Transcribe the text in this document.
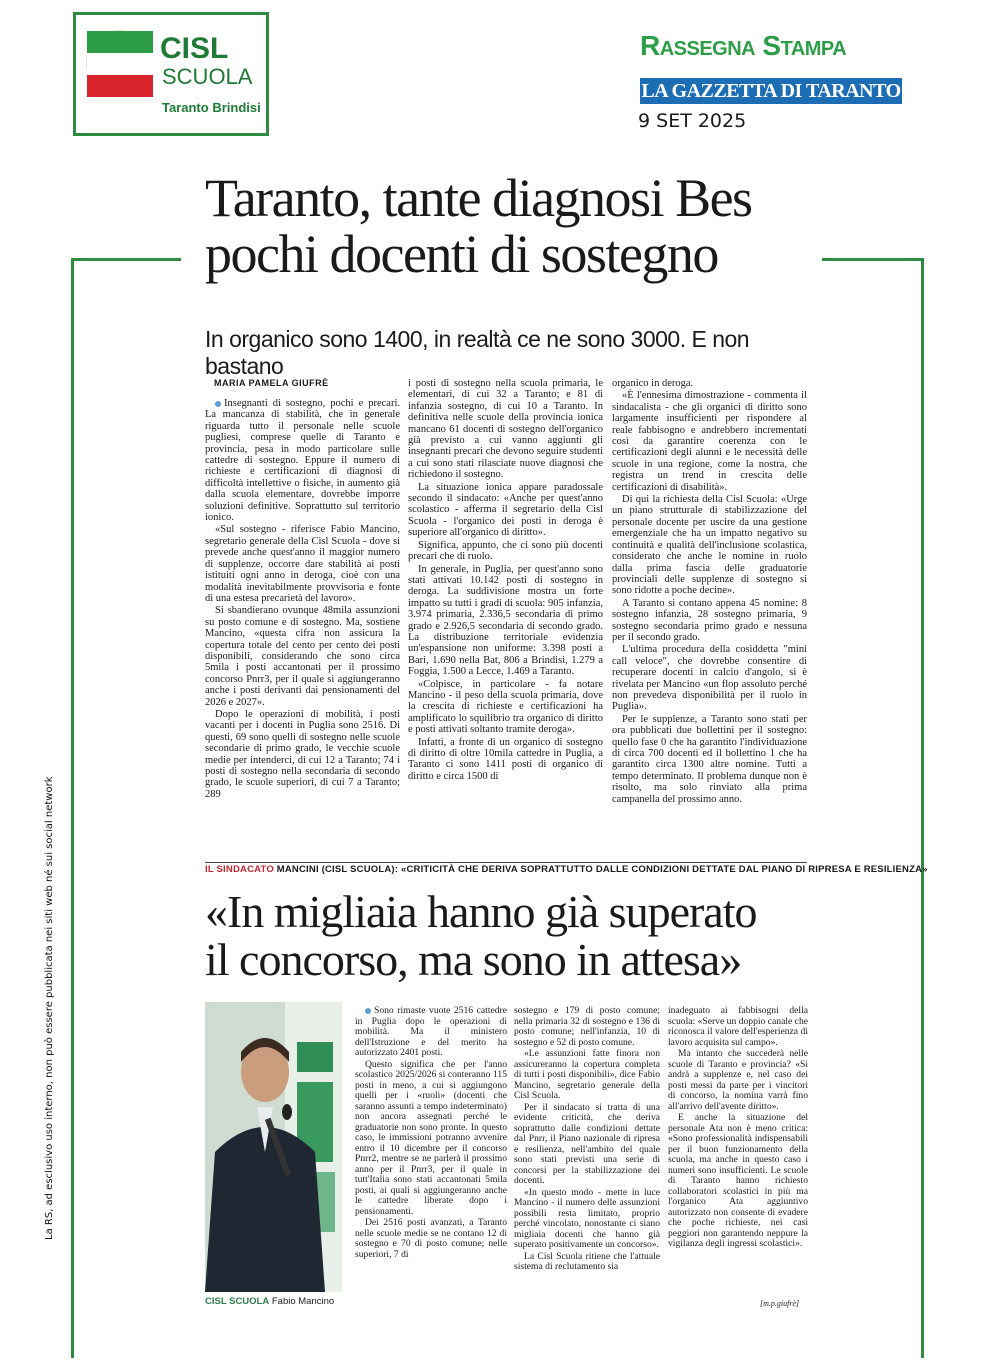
CISL
SCUOLA
Taranto Brindisi
Rassegna Stampa
LA GAZZETTA DI TARANTO
9 SET 2025
La RS, ad esclusivo uso interno, non può essere pubblicata nei siti web né sui social network
Taranto, tante diagnosi Bes
pochi docenti di sostegno
In organico sono 1400, in realtà ce ne sono 3000. E non bastano
MARIA PAMELA GIUFRÈ

Insegnanti di sostegno, pochi e precari. La mancanza di stabilità, che in generale riguarda tutto il personale nelle scuole pugliesi, comprese quelle di Taranto e provincia, pesa in modo particolare sulle cattedre di sostegno. Eppure il numero di richieste e certificazioni di diagnosi di difficoltà intellettive o fisiche, in aumento già dalla scuola elementare, dovrebbe imporre soluzioni definitive. Soprattutto sul territorio ionico.

«Sul sostegno - riferisce Fabio Mancino, segretario generale della Cisl Scuola - dove si prevede anche quest'anno il maggior numero di supplenze, occorre dare stabilità ai posti istituiti ogni anno in deroga, cioè con una modalità inevitabilmente provvisoria e fonte di una estesa precarietà del lavoro».

Si sbandierano ovunque 48mila assunzioni su posto comune e di sostegno. Ma, sostiene Mancino, «questa cifra non assicura la copertura totale del cento per cento dei posti disponibili, considerando che sono circa 5mila i posti accantonati per il prossimo concorso Pnrr3, per il quale si aggiungeranno anche i posti derivanti dai pensionamenti del 2026 e 2027».

Dopo le operazioni di mobilità, i posti vacanti per i docenti in Puglia sono 2516. Di questi, 69 sono quelli di sostegno nelle scuole secondarie di primo grado, le vecchie scuole medie per intenderci, di cui 12 a Taranto; 74 i posti di sostegno nella secondaria di secondo grado, le scuole superiori, di cui 7 a Taranto; 289

i posti di sostegno nella scuola primaria, le elementari, di cui 32 a Taranto; e 81 di infanzia sostegno, di cui 10 a Taranto. In definitiva nelle scuole della provincia ionica mancano 61 docenti di sostegno dell'organico già previsto a cui vanno aggiunti gli insegnanti precari che devono seguire studenti a cui sono stati rilasciate nuove diagnosi che richiedono il sostegno.

La situazione ionica appare paradossale secondo il sindacato: «Anche per quest'anno scolastico - afferma il segretario della Cisl Scuola - l'organico dei posti in deroga è superiore all'organico di diritto».

Significa, appunto, che ci sono più docenti precari che di ruolo.

In generale, in Puglia, per quest'anno sono stati attivati 10.142 posti di sostegno in deroga. La suddivisione mostra un forte impatto su tutti i gradi di scuola: 905 infanzia, 3.974 primaria, 2.336,5 secondaria di primo grado e 2.926,5 secondaria di secondo grado. La distribuzione territoriale evidenzia un'espansione non uniforme: 3.398 posti a Bari, 1.690 nella Bat, 806 a Brindisi, 1.279 a Foggia, 1.500 a Lecce, 1.469 a Taranto.

«Colpisce, in particolare - fa notare Mancino - il peso della scuola primaria, dove la crescita di richieste e certificazioni ha amplificato lo squilibrio tra organico di diritto e posti attivati soltanto tramite deroga».

Infatti, a fronte di un organico di sostegno di diritto di oltre 10mila cattedre in Puglia, a Taranto ci sono 1411 posti di organico di diritto e circa 1500 di

organico in deroga.

«È l'ennesima dimostrazione - commenta il sindacalista - che gli organici di diritto sono largamente insufficienti per rispondere al reale fabbisogno e andrebbero incrementati così da garantire coerenza con le certificazioni degli alunni e le necessità delle scuole in una regione, come la nostra, che registra un trend in crescita delle certificazioni di disabilità».

Di qui la richiesta della Cisl Scuola: «Urge un piano strutturale di stabilizzazione del personale docente per uscire da una gestione emergenziale che ha un impatto negativo su continuità e qualità dell'inclusione scolastica, considerato che anche le nomine in ruolo dalla prima fascia delle graduatorie provinciali delle supplenze di sostegno si sono ridotte a poche decine».

A Taranto si contano appena 45 nomine: 8 sostegno infanzia, 28 sostegno primaria, 9 sostegno secondaria primo grado e nessuna per il secondo grado.

L'ultima procedura della cosiddetta "mini call veloce", che dovrebbe consentire di recuperare docenti in calcio d'angolo, si è rivelata per Mancino «un flop assoluto perché non prevedeva disponibilità per il ruolo in Puglia».

Per le supplenze, a Taranto sono stati per ora pubblicati due bollettini per il sostegno: quello fase 0 che ha garantito l'individuazione di circa 700 docenti ed il bollettino 1 che ha garantito circa 1300 altre nomine. Tutti a tempo determinato. Il problema dunque non è risolto, ma solo rinviato alla prima campanella del prossimo anno.

IL SINDACATO MANCINI (CISL SCUOLA): «CRITICITÀ CHE DERIVA SOPRATTUTTO DALLE CONDIZIONI DETTATE DAL PIANO DI RIPRESA E RESILIENZA»
«In migliaia hanno già superato
il concorso, ma sono in attesa»
CISL SCUOLA Fabio Mancino

Sono rimaste vuote 2516 cattedre in Puglia dopo le operazioni di mobilità. Ma il ministero dell'Istruzione e del merito ha autorizzato 2401 posti.

Questo significa che per l'anno scolastico 2025/2026 si conteranno 115 posti in meno, a cui si aggiungono quelli per i «ruoli» (docenti che saranno assunti a tempo indeterminato) non ancora assegnati perché le graduatorie non sono pronte. In questo caso, le immissioni potranno avvenire entro il 10 dicembre per il concorso Pnrr2, mentre se ne parlerà il prossimo anno per il Pnrr3, per il quale in tutt'Italia sono stati accantonati 5mila posti, ai quali si aggiungeranno anche le cattedre liberate dopo i pensionamenti.

Dei 2516 posti avanzati, a Taranto nelle scuole medie se ne contano 12 di sostegno e 70 di posto comune; nelle superiori, 7 di

sostegno e 179 di posto comune; nella primaria 32 di sostegno e 136 di posto comune; nell'infanzia, 10 di sostegno e 52 di posto comune.

«Le assunzioni fatte finora non assicureranno la copertura completa di tutti i posti disponibili», dice Fabio Mancino, segretario generale della Cisl Scuola.

Per il sindacato si tratta di una evidente criticità, che deriva soprattutto dalle condizioni dettate dal Pnrr, il Piano nazionale di ripresa e resilienza, nell'ambito del quale sono stati previsti una serie di concorsi per la stabilizzazione dei docenti.

«In questo modo - mette in luce Mancino - il numero delle assunzioni possibili resta limitato, proprio perché vincolato, nonostante ci siano migliaia docenti che hanno già superato positivamente un concorso».

La Cisl Scuola ritiene che l'attuale sistema di reclutamento sia

inadeguato ai fabbisogni della scuola: «Serve un doppio canale che riconosca il valore dell'esperienza di lavoro acquisita sul campo».

Ma intanto che succederà nelle scuole di Taranto e provincia? «Si andrà a supplenze e, nel caso dei posti messi da parte per i vincitori di concorso, la nomina varrà fino all'arrivo dell'avente diritto».

E anche la situazione del personale Ata non è meno critica: «Sono professionalità indispensabili per il buon funzionamento della scuola, ma anche in questo caso i numeri sono insufficienti. Le scuole di Taranto hanno richiesto collaboratori scolastici in più ma l'organico Ata aggiuntivo autorizzato non consente di evadere che poche richieste, nei casi peggiori non garantendo neppure la vigilanza degli ingressi scolastici».

[m.p.giufrè]
